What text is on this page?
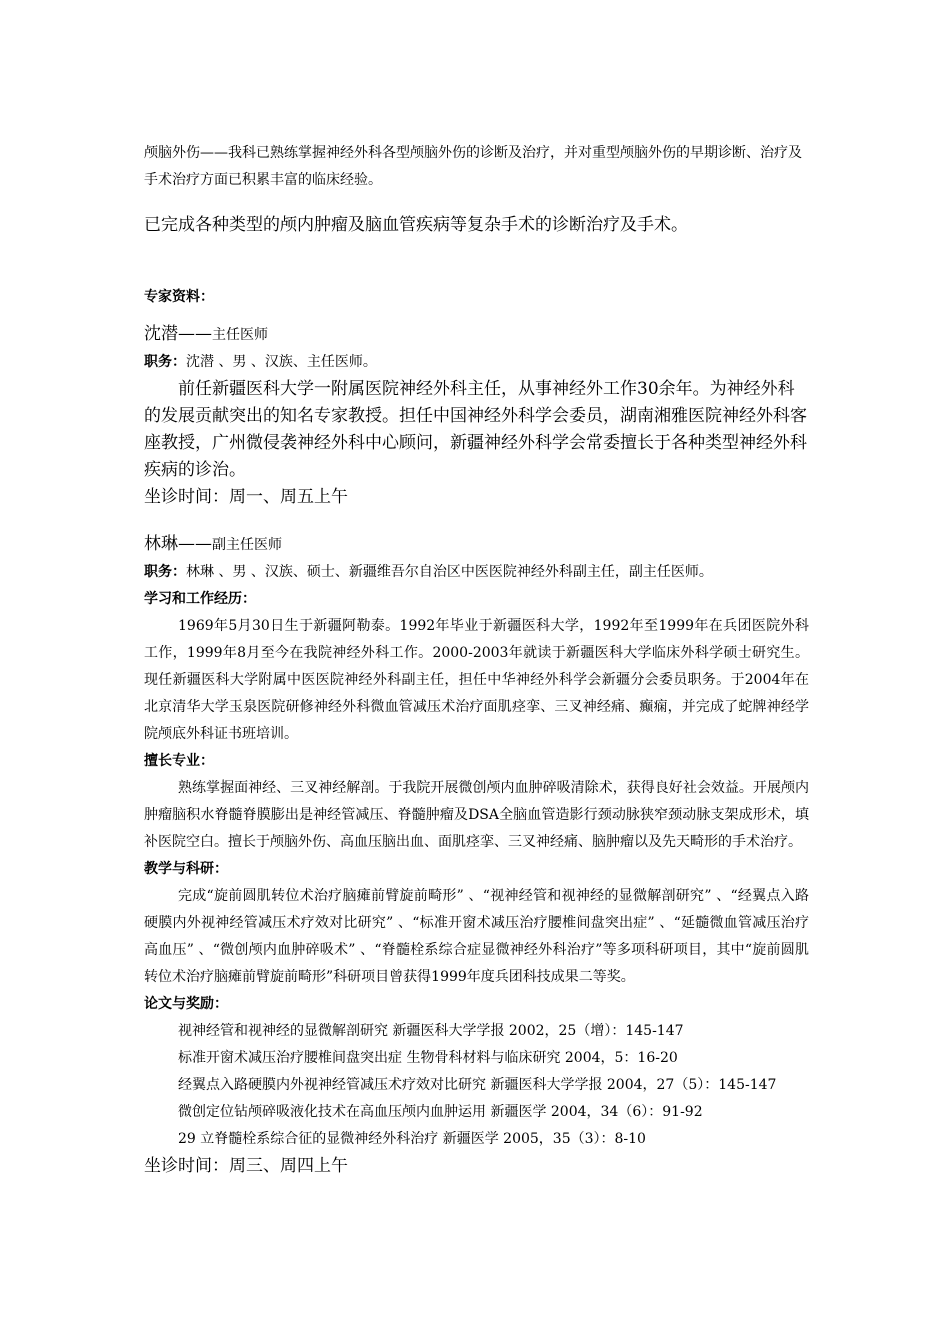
颅脑外伤——我科已熟练掌握神经外科各型颅脑外伤的诊断及治疗，并对重型颅脑外伤的早期诊断、治疗及手术治疗方面已积累丰富的临床经验。

已完成各种类型的颅内肿瘤及脑血管疾病等复杂手术的诊断治疗及手术。

专家资料：

沈潜——主任医师

职务：沈潜 、男 、汉族、主任医师。

前任新疆医科大学一附属医院神经外科主任，从事神经外工作30余年。为神经外科的发展贡献突出的知名专家教授。担任中国神经外科学会委员，湖南湘雅医院神经外科客座教授，广州微侵袭神经外科中心顾问，新疆神经外科学会常委擅长于各种类型神经外科疾病的诊治。

坐诊时间：周一、周五上午

林琳——副主任医师

职务：林琳 、男 、汉族、硕士、新疆维吾尔自治区中医医院神经外科副主任，副主任医师。

学习和工作经历：

1969年5月30日生于新疆阿勒泰。1992年毕业于新疆医科大学，1992年至1999年在兵团医院外科工作，1999年8月至今在我院神经外科工作。2000-2003年就读于新疆医科大学临床外科学硕士研究生。现任新疆医科大学附属中医医院神经外科副主任，担任中华神经外科学会新疆分会委员职务。于2004年在北京清华大学玉泉医院研修神经外科微血管减压术治疗面肌痉挛、三叉神经痛、癫痫，并完成了蛇牌神经学院颅底外科证书班培训。

擅长专业：

熟练掌握面神经、三叉神经解剖。于我院开展微创颅内血肿碎吸清除术，获得良好社会效益。开展颅内肿瘤脑积水脊髓脊膜膨出是神经管减压、脊髓肿瘤及DSA全脑血管造影行颈动脉狭窄颈动脉支架成形术，填补医院空白。擅长于颅脑外伤、高血压脑出血、面肌痉挛、三叉神经痛、脑肿瘤以及先天畸形的手术治疗。

教学与科研：

完成“旋前圆肌转位术治疗脑瘫前臂旋前畸形” 、“视神经管和视神经的显微解剖研究” 、“经翼点入路硬膜内外视神经管减压术疗效对比研究” 、“标准开窗术减压治疗腰椎间盘突出症” 、“延髓微血管减压治疗高血压” 、“微创颅内血肿碎吸术” 、“脊髓栓系综合症显微神经外科治疗”等多项科研项目，其中“旋前圆肌转位术治疗脑瘫前臂旋前畸形”科研项目曾获得1999年度兵团科技成果二等奖。

论文与奖励：

视神经管和视神经的显微解剖研究 新疆医科大学学报 2002，25（增）：145-147

标准开窗术减压治疗腰椎间盘突出症 生物骨科材料与临床研究 2004，5：16-20

经翼点入路硬膜内外视神经管减压术疗效对比研究 新疆医科大学学报 2004，27（5）：145-147

微创定位钻颅碎吸液化技术在高血压颅内血肿运用 新疆医学 2004，34（6）：91-92

29 立脊髓栓系综合征的显微神经外科治疗 新疆医学 2005，35（3）：8-10

坐诊时间：周三、周四上午
